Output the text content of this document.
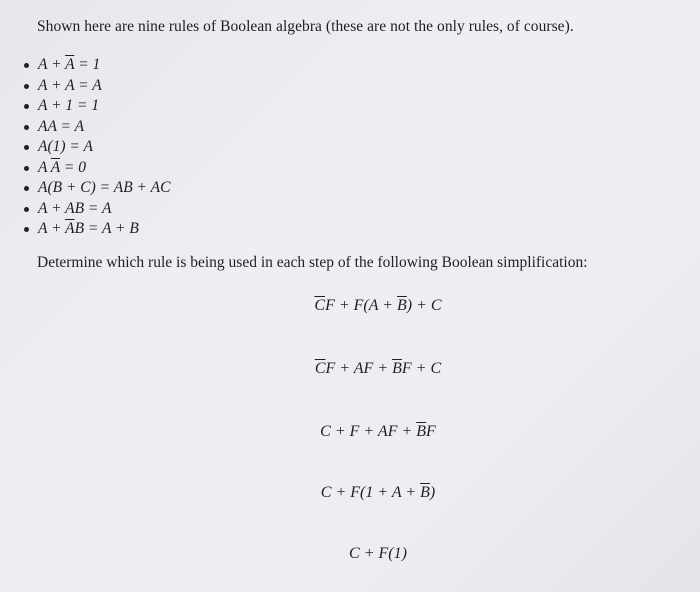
Shown here are nine rules of Boolean algebra (these are not the only rules, of course).
$A + \overline{A} = 1$
A + A = A
A + 1 = 1
AA = A
A(1) = A
A $\overline{A} = 0$
A(B + C) = AB + AC
A + AB = A
$A + \overline{A}B = A + B$
Determine which rule is being used in each step of the following Boolean simplification:
$\overline{C}F + F(A + \overline{B}) + C$
$\overline{C}F$ + AF + $\overline{B}F + C$
C + F + AF + $\overline{B}F$
$C + F(1 + A + \overline{B})$
C + F(1)
